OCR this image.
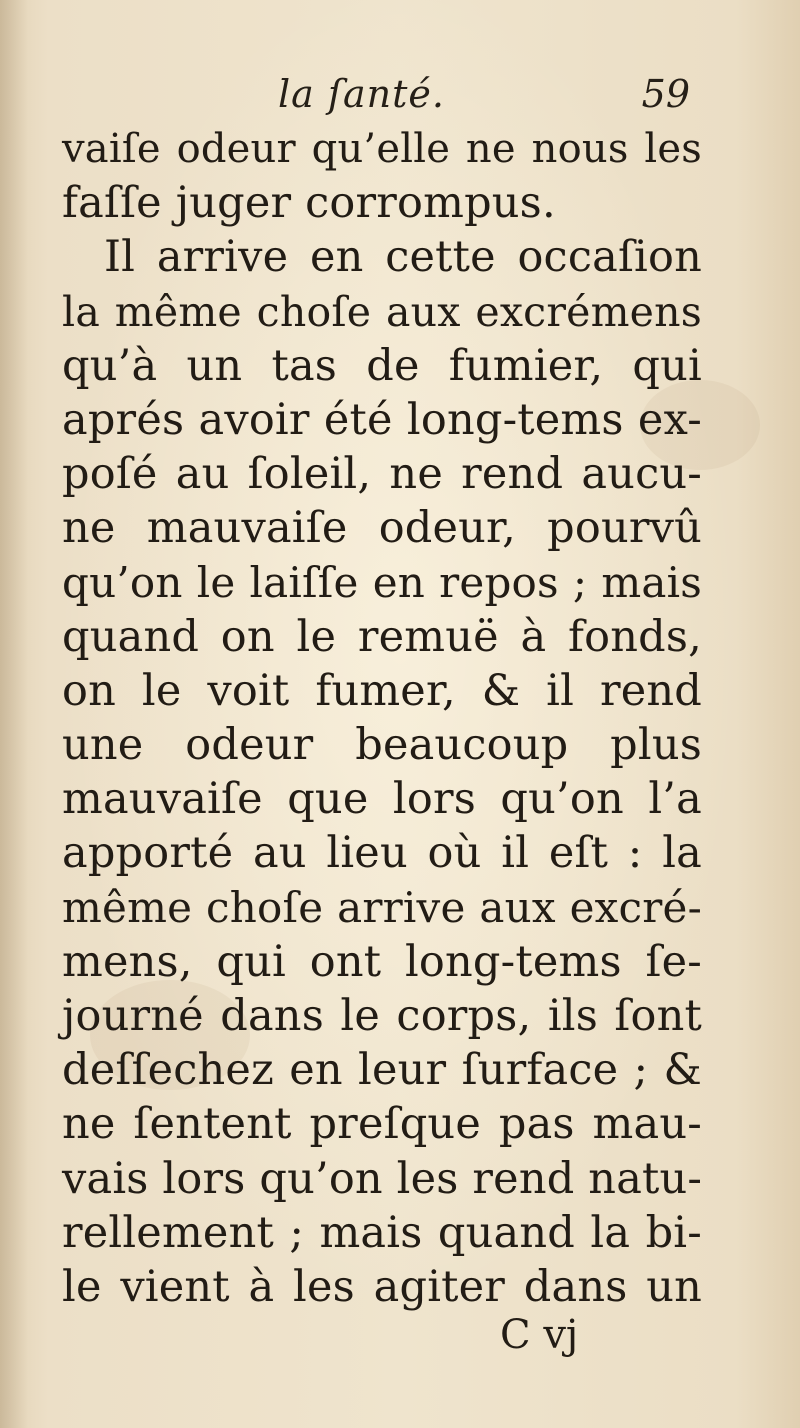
la ſanté.	59
vaiſe odeur qu’elle ne nous les
faſſe juger corrompus.
Il arrive en cette occaſion
la même choſe aux excrémens
qu’à un tas de fumier, qui
aprés avoir été long-tems ex-
poſé au ſoleil, ne rend aucu-
ne mauvaiſe odeur, pourvû
qu’on le laiſſe en repos ; mais
quand on le remuë à fonds,
on le voit fumer, & il rend
une odeur beaucoup plus
mauvaiſe que lors qu’on l’a
apporté au lieu où il eſt : la
même choſe arrive aux excré-
mens, qui ont long-tems ſe-
journé dans le corps, ils ſont
deſſechez en leur ſurface ; &
ne ſentent preſque pas mau-
vais lors qu’on les rend natu-
rellement ; mais quand la bi-
le vient à les agiter dans un
C vj
